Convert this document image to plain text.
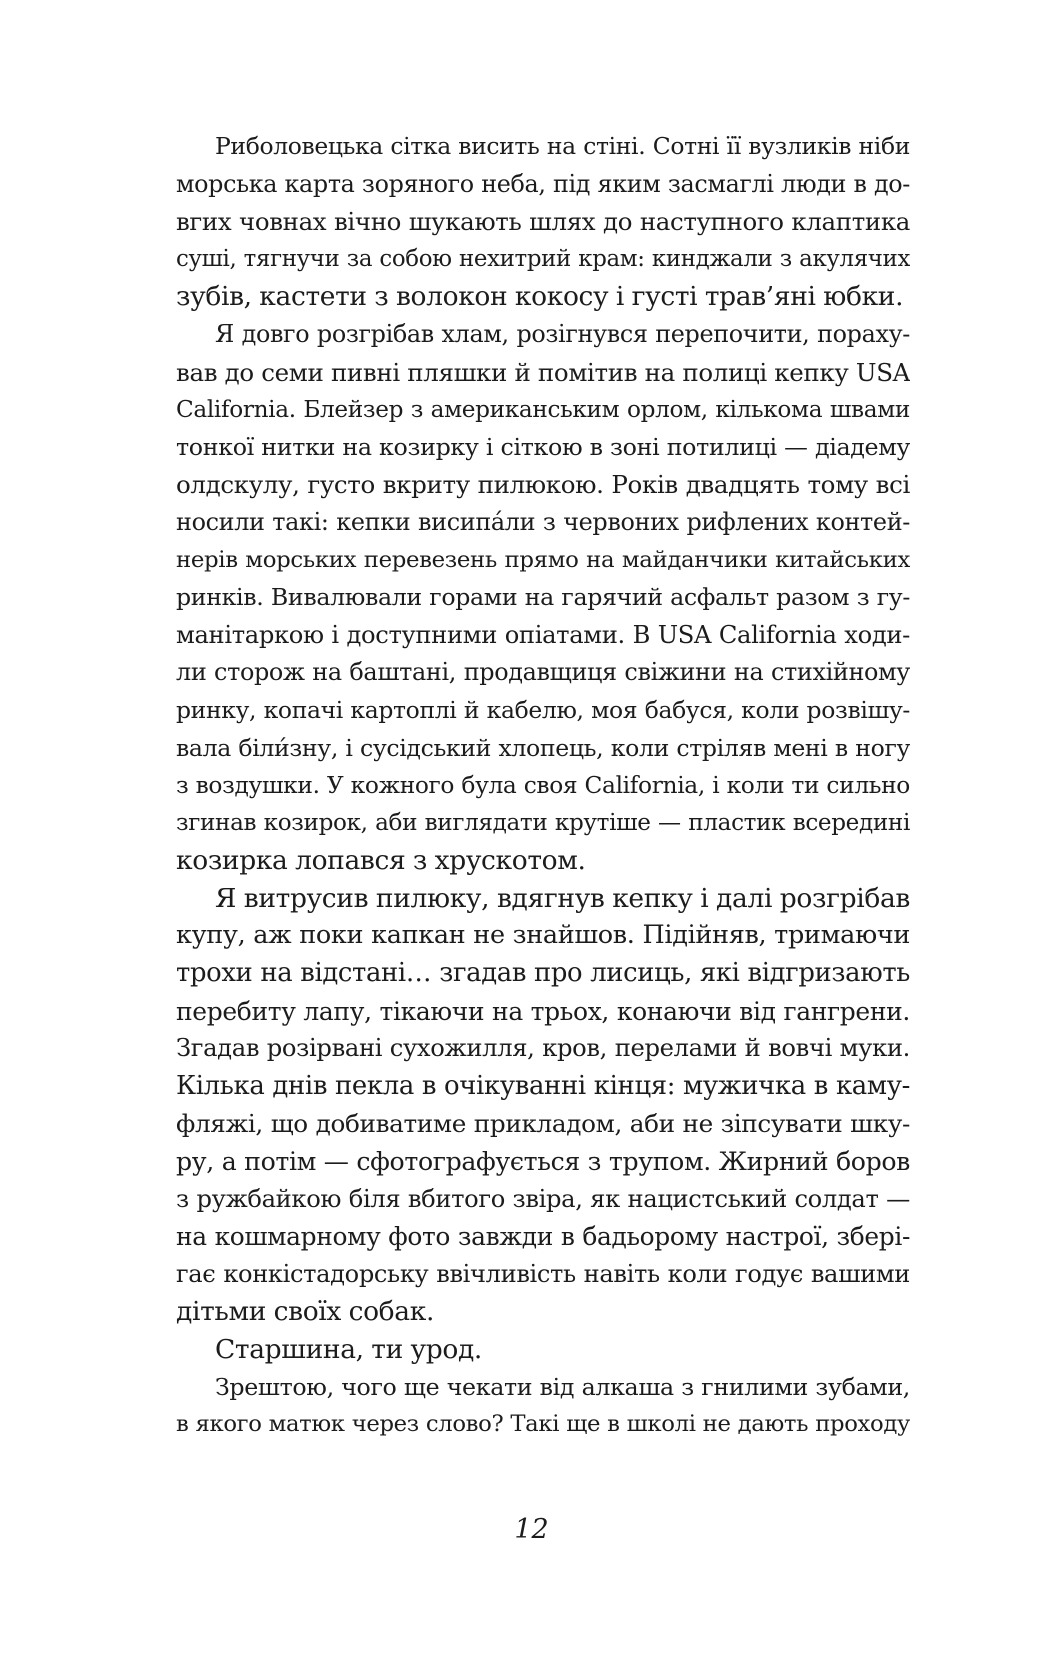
Риболовецька сітка висить на стіні. Сотні її вузликів ніби
морська карта зоряного неба, під яким засмаглі люди в до-
вгих човнах вічно шукають шлях до наступного клаптика
суші, тягнучи за собою нехитрий крам: кинджали з акулячих
зубів, кастети з волокон кокосу і густі трав’яні юбки.

Я довго розгрібав хлам, розігнувся перепочити, пораху-
вав до семи пивні пляшки й помітив на полиці кепку USA
California. Блейзер з американським орлом, кількома швами
тонкої нитки на козирку і сіткою в зоні потилиці — діадему
олдскулу, густо вкриту пилюкою. Років двадцять тому всі
носили такі: кепки висипáли з червоних рифлених контей-
нерів морських перевезень прямо на майданчики китайських
ринків. Вивалювали горами на гарячий асфальт разом з гу-
манітаркою і доступними опіатами. В USA California ходи-
ли сторож на баштані, продавщиця свіжини на стихійному
ринку, копачі картоплі й кабелю, моя бабуся, коли розвішу-
вала бiли́зну, і сусідський хлопець, коли стріляв мені в ногу
з воздушки. У кожного була своя California, і коли ти сильно
згинав козирок, аби виглядати крутіше — пластик всередині
козирка лопався з хрускотом.

Я витрусив пилюку, вдягнув кепку і далі розгрібав
купу, аж поки капкан не знайшов. Підійняв, тримаючи
трохи на відстані… згадав про лисиць, які відгризають
перебиту лапу, тікаючи на трьох, конаючи від гангрени.
Згадав розірвані сухожилля, кров, перелами й вовчі муки.
Кілька днів пекла в очікуванні кінця: мужичка в каму-
фляжі, що добиватиме прикладом, аби не зіпсувати шку-
ру, а потім — сфотографується з трупом. Жирний боров
з ружбайкою біля вбитого звіра, як нацистський солдат —
на кошмарному фото завжди в бадьорому настрої, збері-
гає конкістадорську ввічливість навіть коли годує вашими
дітьми своїх собак.

Старшина, ти урод.

Зрештою, чого ще чекати від алкаша з гнилими зубами,
в якого матюк через слово? Такі ще в школі не дають проходу

12
